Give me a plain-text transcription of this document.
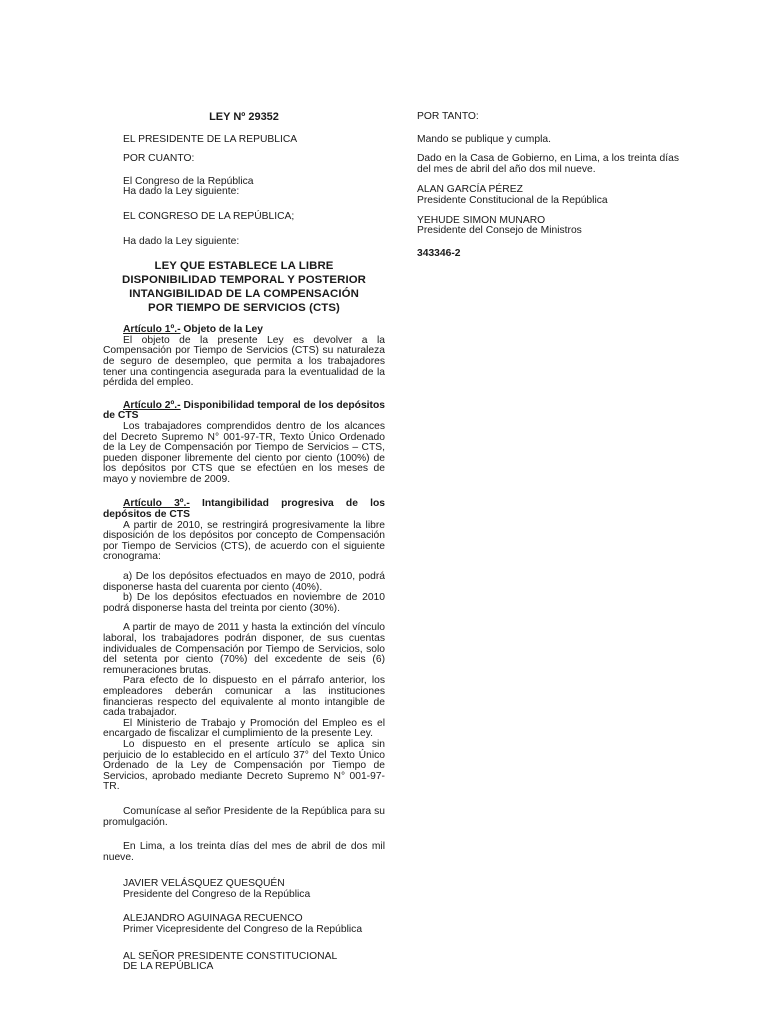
LEY Nº 29352
EL PRESIDENTE DE LA REPUBLICA
POR CUANTO:
El Congreso de la República
Ha dado la Ley siguiente:
EL CONGRESO DE LA REPÚBLICA;
Ha dado la Ley siguiente:
LEY QUE ESTABLECE LA LIBRE DISPONIBILIDAD TEMPORAL Y POSTERIOR INTANGIBILIDAD DE LA COMPENSACIÓN POR TIEMPO DE SERVICIOS (CTS)
Artículo 1º.- Objeto de la Ley
El objeto de la presente Ley es devolver a la Compensación por Tiempo de Servicios (CTS) su naturaleza de seguro de desempleo, que permita a los trabajadores tener una contingencia asegurada para la eventualidad de la pérdida del empleo.
Artículo 2º.- Disponibilidad temporal de los depósitos de CTS
Los trabajadores comprendidos dentro de los alcances del Decreto Supremo N° 001-97-TR, Texto Único Ordenado de la Ley de Compensación por Tiempo de Servicios – CTS, pueden disponer libremente del ciento por ciento (100%) de los depósitos por CTS que se efectúen en los meses de mayo y noviembre de 2009.
Artículo 3º.- Intangibilidad progresiva de los depósitos de CTS
A partir de 2010, se restringirá progresivamente la libre disposición de los depósitos por concepto de Compensación por Tiempo de Servicios (CTS), de acuerdo con el siguiente cronograma:
a) De los depósitos efectuados en mayo de 2010, podrá disponerse hasta del cuarenta por ciento (40%).
b) De los depósitos efectuados en noviembre de 2010 podrá disponerse hasta del treinta por ciento (30%).
A partir de mayo de 2011 y hasta la extinción del vínculo laboral, los trabajadores podrán disponer, de sus cuentas individuales de Compensación por Tiempo de Servicios, solo del setenta por ciento (70%) del excedente de seis (6) remuneraciones brutas.
Para efecto de lo dispuesto en el párrafo anterior, los empleadores deberán comunicar a las instituciones financieras respecto del equivalente al monto intangible de cada trabajador.
El Ministerio de Trabajo y Promoción del Empleo es el encargado de fiscalizar el cumplimiento de la presente Ley.
Lo dispuesto en el presente artículo se aplica sin perjuicio de lo establecido en el artículo 37° del Texto Único Ordenado de la Ley de Compensación por Tiempo de Servicios, aprobado mediante Decreto Supremo N° 001-97-TR.
Comunícase al señor Presidente de la República para su promulgación.
En Lima, a los treinta días del mes de abril de dos mil nueve.
JAVIER VELÁSQUEZ QUESQUÉN
Presidente del Congreso de la República
ALEJANDRO AGUINAGA RECUENCO
Primer Vicepresidente del Congreso de la República
AL SEÑOR PRESIDENTE CONSTITUCIONAL
DE LA REPÚBLICA
POR TANTO:
Mando se publique y cumpla.
Dado en la Casa de Gobierno, en Lima, a los treinta días del mes de abril del año dos mil nueve.
ALAN GARCÍA PÉREZ
Presidente Constitucional de la República
YEHUDE SIMON MUNARO
Presidente del Consejo de Ministros
343346-2
